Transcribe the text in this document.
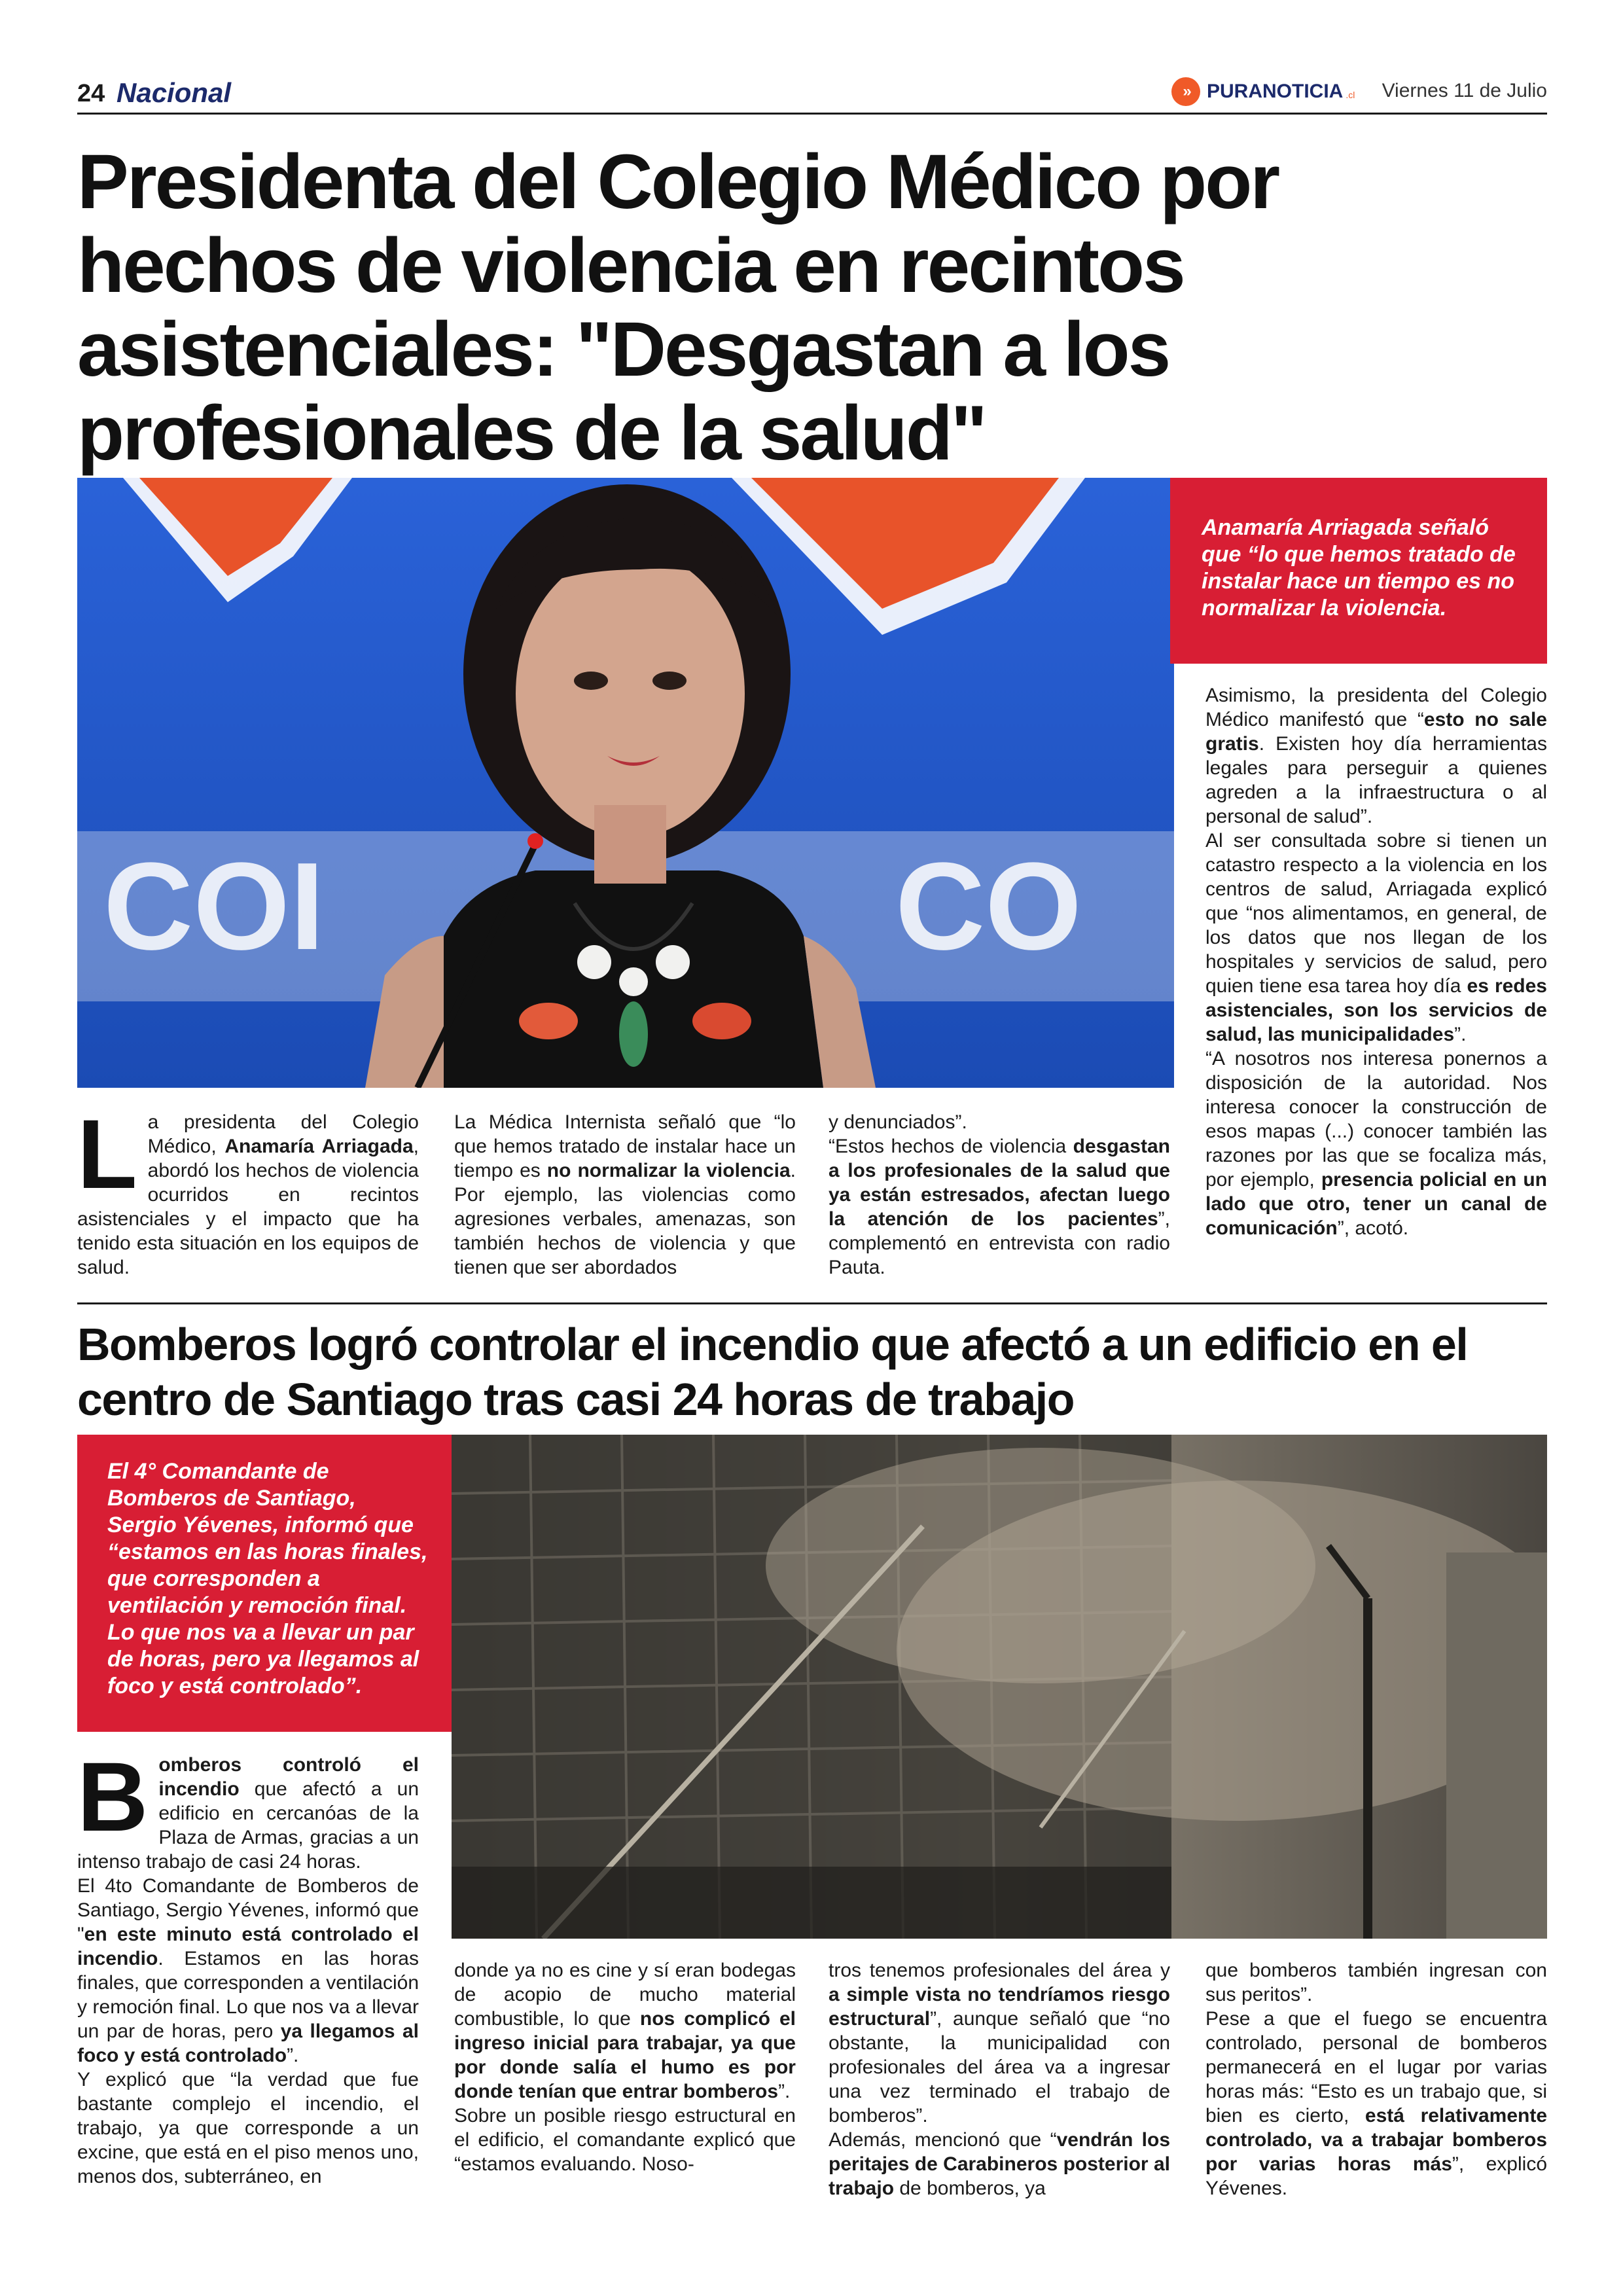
24 Nacional	» PURANOTICIA .cl Viernes 11 de Julio
Presidenta del Colegio Médico por hechos de violencia en recintos asistenciales: "Desgastan a los profesionales de la salud"
COI	CO
Anamaría Arriagada señaló que “lo que hemos tratado de instalar hace un tiempo es no normalizar la violencia.
L a presidenta del Colegio Médico, Anamaría Arriagada, abordó los hechos de violencia ocurridos en recintos asistenciales y el impacto que ha tenido esta situación en los equipos de salud.

La Médica Internista señaló que “lo que hemos tratado de instalar hace un tiempo es no normalizar la violencia. Por ejemplo, las violencias como agresiones verbales, amenazas, son también hechos de violencia y que tienen que ser abordados

y denunciados”.
“Estos hechos de violencia desgastan a los profesionales de la salud que ya están estresados, afectan luego la atención de los pacientes”, complementó en entrevista con radio Pauta.

Asimismo, la presidenta del Colegio Médico manifestó que “esto no sale gratis. Existen hoy día herramientas legales para perseguir a quienes agreden a la infraestructura o al personal de salud”.
Al ser consultada sobre si tienen un catastro respecto a la violencia en los centros de salud, Arriagada explicó que “nos alimentamos, en general, de los datos que nos llegan de los hospitales y servicios de salud, pero quien tiene esa tarea hoy día es redes asistenciales, son los servicios de salud, las municipalidades”.
“A nosotros nos interesa ponernos a disposición de la autoridad. Nos interesa conocer la construcción de esos mapas (...) conocer también las razones por las que se focaliza más, por ejemplo, presencia policial en un lado que otro, tener un canal de comunicación”, acotó.

Bomberos logró controlar el incendio que afectó a un edificio en el centro de Santiago tras casi 24 horas de trabajo
El 4° Comandante de Bomberos de Santiago, Sergio Yévenes, informó que “estamos en las horas finales, que corresponden a ventilación y remoción final. Lo que nos va a llevar un par de horas, pero ya llegamos al foco y está controlado”.
B omberos controló el incendio que afectó a un edificio en cercanóas de la Plaza de Armas, gracias a un intenso trabajo de casi 24 horas.
El 4to Comandante de Bomberos de Santiago, Sergio Yévenes, informó que "en este minuto está controlado el incendio. Estamos en las horas finales, que corresponden a ventilación y remoción final. Lo que nos va a llevar un par de horas, pero ya llegamos al foco y está controlado”.
Y explicó que “la verdad que fue bastante complejo el incendio, el trabajo, ya que corresponde a un excine, que está en el piso menos uno, menos dos, subterráneo, en

donde ya no es cine y sí eran bodegas de acopio de mucho material combustible, lo que nos complicó el ingreso inicial para trabajar, ya que por donde salía el humo es por donde tenían que entrar bomberos”.
Sobre un posible riesgo estructural en el edificio, el comandante explicó que “estamos evaluando. Noso-

tros tenemos profesionales del área y a simple vista no tendríamos riesgo estructural”, aunque señaló que “no obstante, la municipalidad con profesionales del área va a ingresar una vez terminado el trabajo de bomberos”.
Además, mencionó que “vendrán los peritajes de Carabineros posterior al trabajo de bomberos, ya

que bomberos también ingresan con sus peritos”.
Pese a que el fuego se encuentra controlado, personal de bomberos permanecerá en el lugar por varias horas más: “Esto es un trabajo que, si bien es cierto, está relativamente controlado, va a trabajar bomberos por varias horas más”, explicó Yévenes.
